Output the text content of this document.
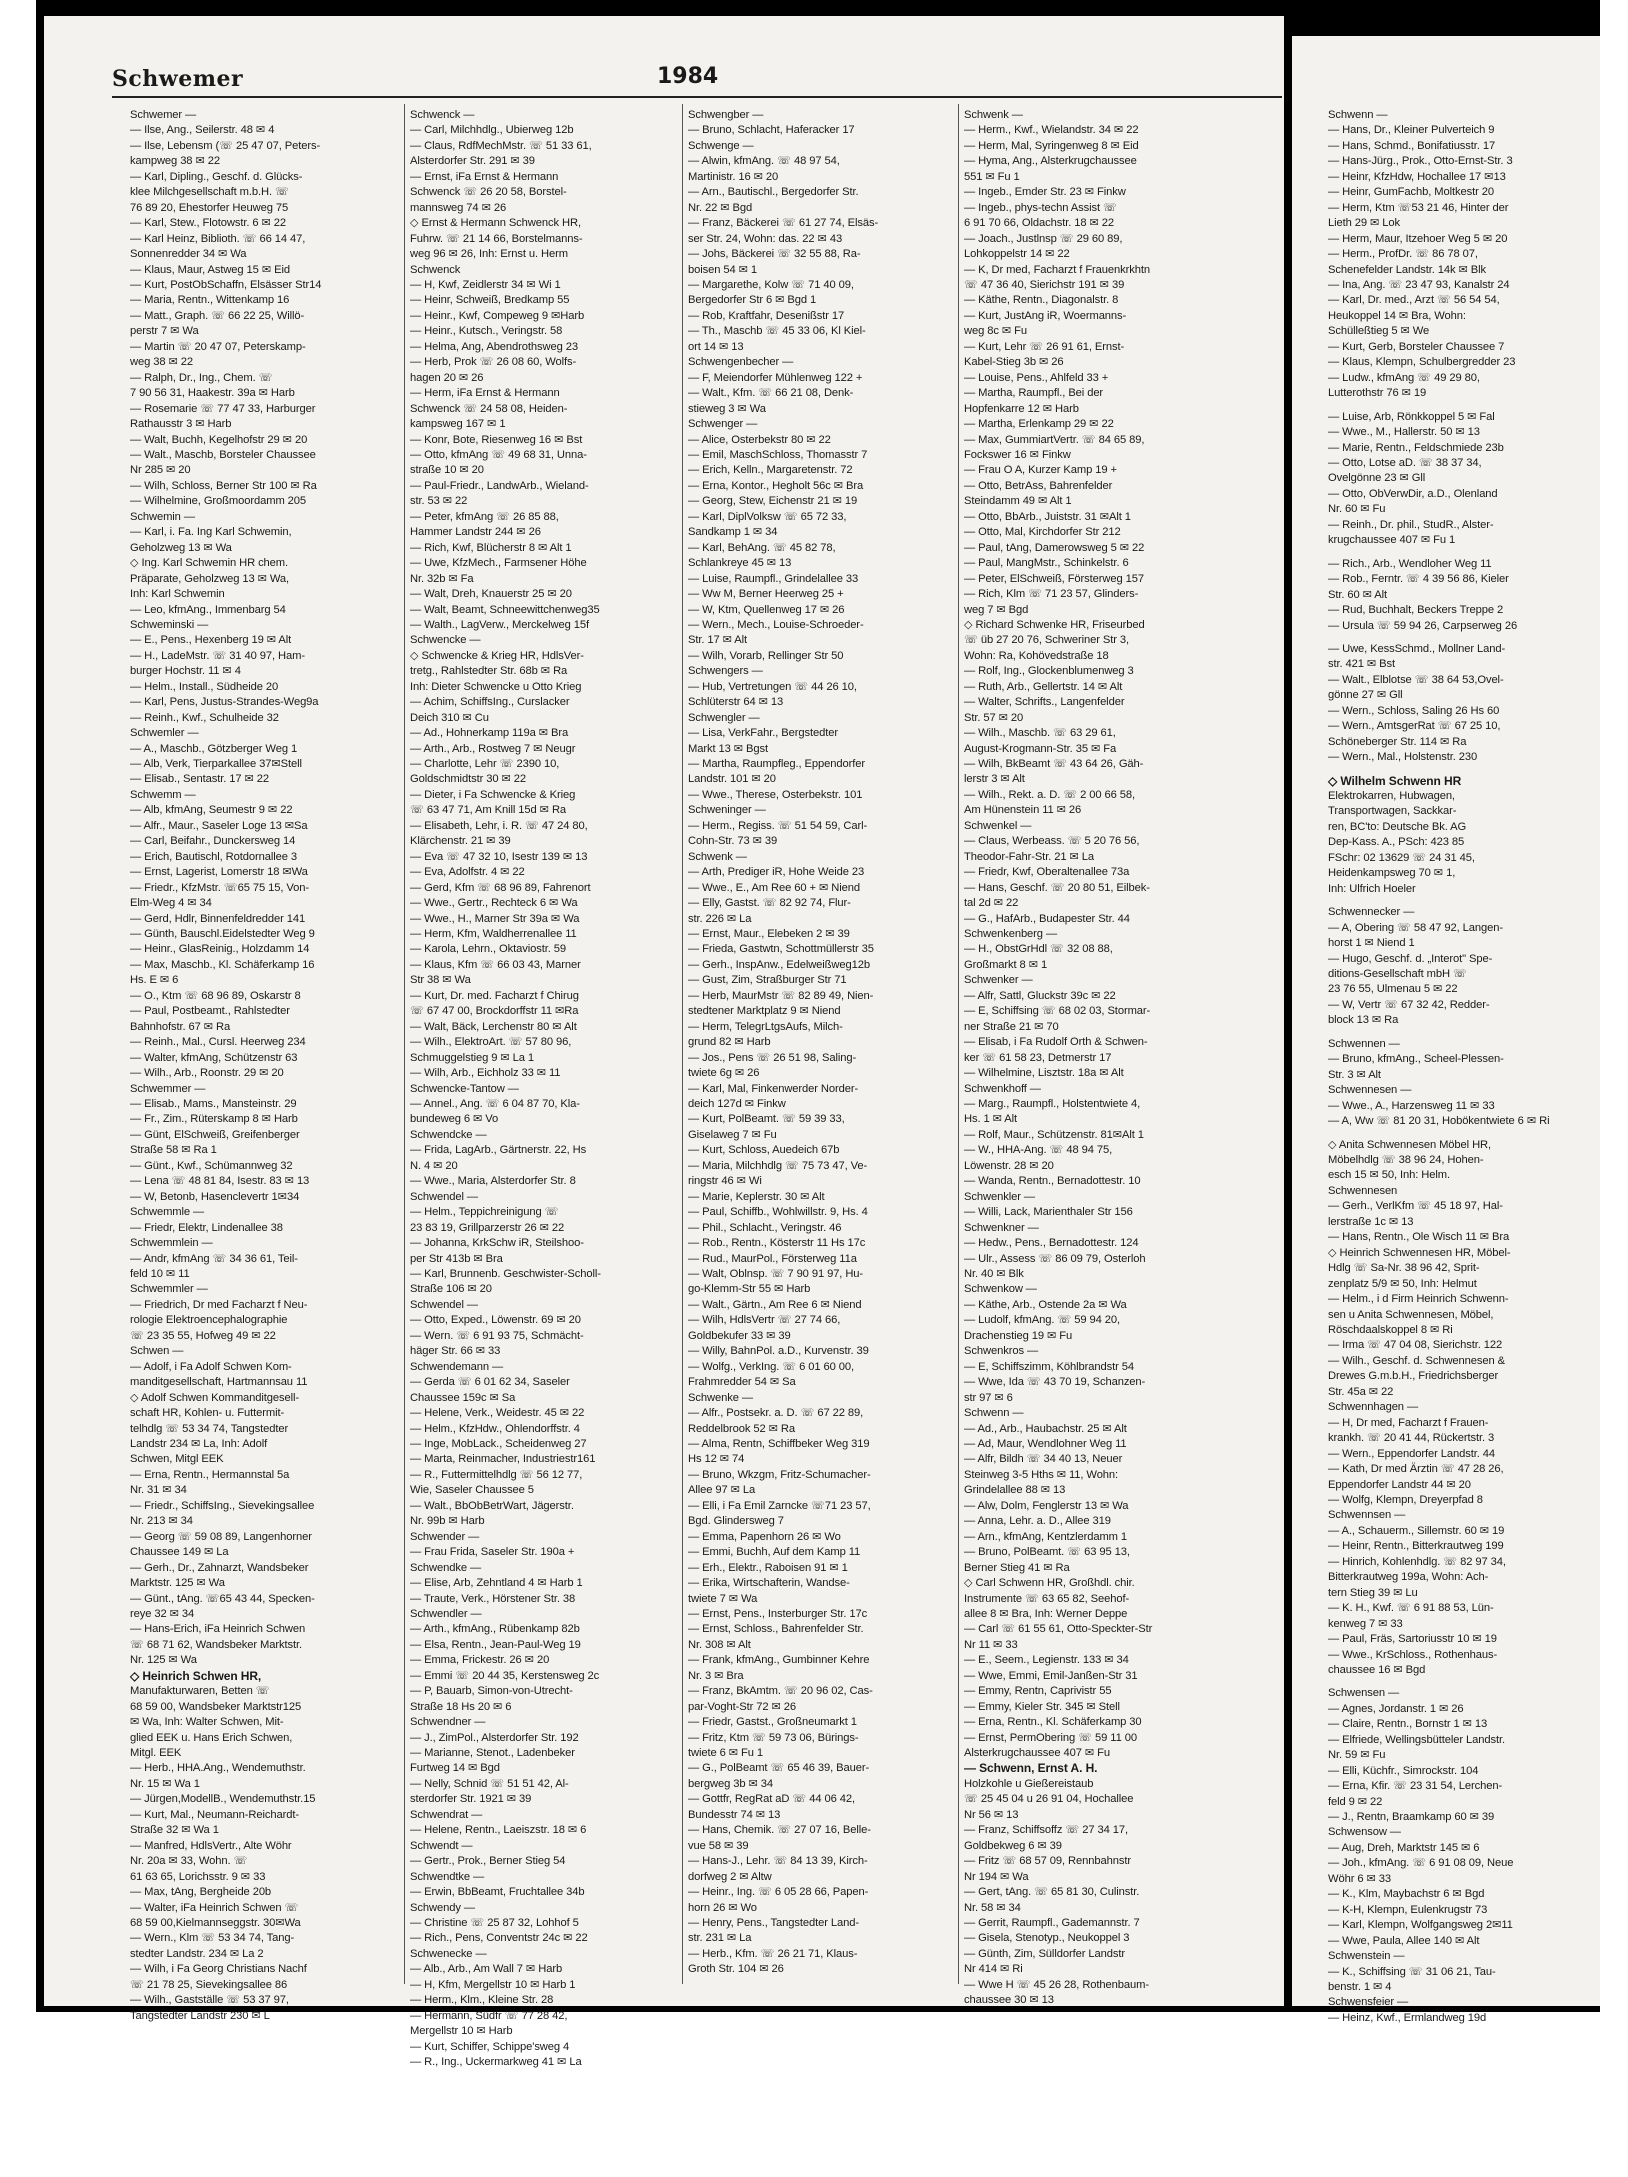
Schwenn —
— Hans, Dr., Kleiner Pulverteich 9
— Hans, Schmd., Bonifatiusstr. 17
— Hans-Jürg., Prok., Otto-Ernst-Str. 3
— Heinr, KfzHdw, Hochallee 17 ✉13
— Heinr, GumFachb, Moltkestr 20
— Herm, Ktm ☏53 21 46, Hinter der
Lieth 29 ✉ Lok
— Herm, Maur, Itzehoer Weg 5 ✉ 20
— Herm., ProfDr. ☏ 86 78 07,
Schenefelder Landstr. 14k ✉ Blk
— Ina, Ang. ☏ 23 47 93, Kanalstr 24
— Karl, Dr. med., Arzt ☏ 56 54 54,
Heukoppel 14 ✉ Bra, Wohn:
Schülleßtieg 5 ✉ We
— Kurt, Gerb, Borsteler Chaussee 7
— Klaus, Klempn, Schulbergredder 23
— Ludw., kfmAng ☏ 49 29 80,
Lutterothstr 76 ✉ 19
— Luise, Arb, Rönkkoppel 5 ✉ Fal
— Wwe., M., Hallerstr. 50 ✉ 13
— Marie, Rentn., Feldschmiede 23b
— Otto, Lotse aD. ☏ 38 37 34,
Ovelgönne 23 ✉ Gll
— Otto, ObVerwDir, a.D., Olenland
Nr. 60 ✉ Fu
— Reinh., Dr. phil., StudR., Alster-
krugchaussee 407 ✉ Fu 1
— Rich., Arb., Wendloher Weg 11
— Rob., Ferntr. ☏ 4 39 56 86, Kieler
Str. 60 ✉ Alt
— Rud, Buchhalt, Beckers Treppe 2
— Ursula ☏ 59 94 26, Carpserweg 26
— Uwe, KessSchmd., Mollner Land-
str. 421 ✉ Bst
— Walt., Elblotse ☏ 38 64 53,Ovel-
gönne 27 ✉ Gll
— Wern., Schloss, Saling 26 Hs 60
— Wern., AmtsgerRat ☏ 67 25 10,
Schöneberger Str. 114 ✉ Ra
— Wern., Mal., Holstenstr. 230
◇ Wilhelm Schwenn HR
Elektrokarren, Hubwagen,
Transportwagen, Sackkar-
ren, BC'to: Deutsche Bk. AG
Dep-Kass. A., PSch: 423 85
FSchr: 02 13629 ☏ 24 31 45,
Heidenkampsweg 70 ✉ 1,
Inh: Ulfrich Hoeler
Schwennecker —
— A, Obering ☏ 58 47 92, Langen-
horst 1 ✉ Niend 1
— Hugo, Geschf. d. „Interot" Spe-
ditions-Gesellschaft mbH ☏
23 76 55, Ulmenau 5 ✉ 22
— W, Vertr ☏ 67 32 42, Redder-
block 13 ✉ Ra
Schwennen —
— Bruno, kfmAng., Scheel-Plessen-
Str. 3 ✉ Alt
Schwennesen —
— Wwe., A., Harzensweg 11 ✉ 33
— A, Ww ☏ 81 20 31, Hobökentwiete 6 ✉ Ri
◇ Anita Schwennesen Möbel HR,
Möbelhdlg ☏ 38 96 24, Hohen-
esch 15 ✉ 50, Inh: Helm.
Schwennesen
— Gerh., VerlKfm ☏ 45 18 97, Hal-
lerstraße 1c ✉ 13
— Hans, Rentn., Ole Wisch 11 ✉ Bra
◇ Heinrich Schwennesen HR, Möbel-
Hdlg ☏ Sa-Nr. 38 96 42, Sprit-
zenplatz 5/9 ✉ 50, Inh: Helmut
— Helm., i d Firm Heinrich Schwenn-
sen u Anita Schwennesen, Möbel,
Röschdaalskoppel 8 ✉ Ri
— Irma ☏ 47 04 08, Sierichstr. 122
— Wilh., Geschf. d. Schwennesen &
Drewes G.m.b.H., Friedrichsberger
Str. 45a ✉ 22
Schwennhagen —
— H, Dr med, Facharzt f Frauen-
krankh. ☏ 20 41 44, Rückertstr. 3
— Wern., Eppendorfer Landstr. 44
— Kath, Dr med Ärztin ☏ 47 28 26,
Eppendorfer Landstr 44 ✉ 20
— Wolfg, Klempn, Dreyerpfad 8
Schwennsen —
— A., Schauerm., Sillemstr. 60 ✉ 19
— Heinr, Rentn., Bitterkrautweg 199
— Hinrich, Kohlenhdlg. ☏ 82 97 34,
Bitterkrautweg 199a, Wohn: Ach-
tern Stieg 39 ✉ Lu
— K. H., Kwf. ☏ 6 91 88 53, Lün-
kenweg 7 ✉ 33
— Paul, Fräs, Sartoriusstr 10 ✉ 19
— Wwe., KrSchloss., Rothenhaus-
chaussee 16 ✉ Bgd
Schwensen —
— Agnes, Jordanstr. 1 ✉ 26
— Claire, Rentn., Bornstr 1 ✉ 13
— Elfriede, Wellingsbütteler Landstr.
Nr. 59 ✉ Fu
— Elli, Küchfr., Simrockstr. 104
— Erna, Kfir. ☏ 23 31 54, Lerchen-
feld 9 ✉ 22
— J., Rentn, Braamkamp 60 ✉ 39
Schwensow —
— Aug, Dreh, Marktstr 145 ✉ 6
— Joh., kfmAng. ☏ 6 91 08 09, Neue
Wöhr 6 ✉ 33
— K., Klm, Maybachstr 6 ✉ Bgd
— K-H, Klempn, Eulenkrugstr 73
— Karl, Klempn, Wolfgangsweg 2✉11
— Wwe, Paula, Allee 140 ✉ Alt
Schwenstein —
— K., Schiffsing ☏ 31 06 21, Tau-
benstr. 1 ✉ 4
Schwensfeier —
— Heinz, Kwf., Ermlandweg 19d
Schwemer	1984
Schwemer —
— Ilse, Ang., Seilerstr. 48 ✉ 4
— Ilse, Lebensm (☏ 25 47 07, Peters-
kampweg 38 ✉ 22
— Karl, Dipling., Geschf. d. Glücks-
klee Milchgesellschaft m.b.H. ☏
76 89 20, Ehestorfer Heuweg 75
— Karl, Stew., Flotowstr. 6 ✉ 22
— Karl Heinz, Biblioth. ☏ 66 14 47,
Sonnenredder 34 ✉ Wa
— Klaus, Maur, Astweg 15 ✉ Eid
— Kurt, PostObSchaffn, Elsässer Str14
— Maria, Rentn., Wittenkamp 16
— Matt., Graph. ☏ 66 22 25, Willö-
perstr 7 ✉ Wa
— Martin ☏ 20 47 07, Peterskamp-
weg 38 ✉ 22
— Ralph, Dr., Ing., Chem. ☏
7 90 56 31, Haakestr. 39a ✉ Harb
— Rosemarie ☏ 77 47 33, Harburger
Rathausstr 3 ✉ Harb
— Walt, Buchh, Kegelhofstr 29 ✉ 20
— Walt., Maschb, Borsteler Chaussee
Nr 285 ✉ 20
— Wilh, Schloss, Berner Str 100 ✉ Ra
— Wilhelmine, Großmoordamm 205
Schwemin —
— Karl, i. Fa. Ing Karl Schwemin,
Geholzweg 13 ✉ Wa
◇ Ing. Karl Schwemin HR chem.
Präparate, Geholzweg 13 ✉ Wa,
Inh: Karl Schwemin
— Leo, kfmAng., Immenbarg 54
Schweminski —
— E., Pens., Hexenberg 19 ✉ Alt
— H., LadeMstr. ☏ 31 40 97, Ham-
burger Hochstr. 11 ✉ 4
— Helm., Install., Südheide 20
— Karl, Pens, Justus-Strandes-Weg9a
— Reinh., Kwf., Schulheide 32
Schwemler —
— A., Maschb., Götzberger Weg 1
— Alb, Verk, Tierparkallee 37✉Stell
— Elisab., Sentastr. 17 ✉ 22
Schwemm —
— Alb, kfmAng, Seumestr 9 ✉ 22
— Alfr., Maur., Saseler Loge 13 ✉Sa
— Carl, Beifahr., Dunckersweg 14
— Erich, Bautischl, Rotdornallee 3
— Ernst, Lagerist, Lomerstr 18 ✉Wa
— Friedr., KfzMstr. ☏65 75 15, Von-
Elm-Weg 4 ✉ 34
— Gerd, Hdlr, Binnenfeldredder 141
— Günth, Bauschl.Eidelstedter Weg 9
— Heinr., GlasReinig., Holzdamm 14
— Max, Maschb., Kl. Schäferkamp 16
Hs. E ✉ 6
— O., Ktm ☏ 68 96 89, Oskarstr 8
— Paul, Postbeamt., Rahlstedter
Bahnhofstr. 67 ✉ Ra
— Reinh., Mal., Cursl. Heerweg 234
— Walter, kfmAng, Schützenstr 63
— Wilh., Arb., Roonstr. 29 ✉ 20
Schwemmer —
— Elisab., Mams., Mansteinstr. 29
— Fr., Zim., Rüterskamp 8 ✉ Harb
— Günt, ElSchweiß, Greifenberger
Straße 58 ✉ Ra 1
— Günt., Kwf., Schümannweg 32
— Lena ☏ 48 81 84, Isestr. 83 ✉ 13
— W, Betonb, Hasenclevertr 1✉34
Schwemmle —
— Friedr, Elektr, Lindenallee 38
Schwemmlein —
— Andr, kfmAng ☏ 34 36 61, Teil-
feld 10 ✉ 11
Schwemmler —
— Friedrich, Dr med Facharzt f Neu-
rologie Elektroencephalographie
☏ 23 35 55, Hofweg 49 ✉ 22
Schwen —
— Adolf, i Fa Adolf Schwen Kom-
manditgesellschaft, Hartmannsau 11
◇ Adolf Schwen Kommanditgesell-
schaft HR, Kohlen- u. Futtermit-
telhdlg ☏ 53 34 74, Tangstedter
Landstr 234 ✉ La, Inh: Adolf
Schwen, Mitgl EEK
— Erna, Rentn., Hermannstal 5a
Nr. 31 ✉ 34
— Friedr., SchiffsIng., Sievekingsallee
Nr. 213 ✉ 34
— Georg ☏ 59 08 89, Langenhorner
Chaussee 149 ✉ La
— Gerh., Dr., Zahnarzt, Wandsbeker
Marktstr. 125 ✉ Wa
— Günt., tAng. ☏65 43 44, Specken-
reye 32 ✉ 34
— Hans-Erich, iFa Heinrich Schwen
☏ 68 71 62, Wandsbeker Marktstr.
Nr. 125 ✉ Wa
◇ Heinrich Schwen HR,
Manufakturwaren, Betten ☏
68 59 00, Wandsbeker Marktstr125
✉ Wa, Inh: Walter Schwen, Mit-
glied EEK u. Hans Erich Schwen,
Mitgl. EEK
— Herb., HHA.Ang., Wendemuthstr.
Nr. 15 ✉ Wa 1
— Jürgen,ModellB., Wendemuthstr.15
— Kurt, Mal., Neumann-Reichardt-
Straße 32 ✉ Wa 1
— Manfred, HdlsVertr., Alte Wöhr
Nr. 20a ✉ 33, Wohn. ☏
61 63 65, Lorichsstr. 9 ✉ 33
— Max, tAng, Bergheide 20b
— Walter, iFa Heinrich Schwen ☏
68 59 00,Kielmannseggstr. 30✉Wa
— Wern., Klm ☏ 53 34 74, Tang-
stedter Landstr. 234 ✉ La 2
— Wilh, i Fa Georg Christians Nachf
☏ 21 78 25, Sievekingsallee 86
— Wilh., Gastställe ☏ 53 37 97,
Tangstedter Landstr 230 ✉ L
Schwenck —
— Carl, Milchhdlg., Ubierweg 12b
— Claus, RdfMechMstr. ☏ 51 33 61,
Alsterdorfer Str. 291 ✉ 39
— Ernst, iFa Ernst & Hermann
Schwenck ☏ 26 20 58, Borstel-
mannsweg 74 ✉ 26
◇ Ernst & Hermann Schwenck HR,
Fuhrw. ☏ 21 14 66, Borstelmanns-
weg 96 ✉ 26, Inh: Ernst u. Herm
Schwenck
— H, Kwf, Zeidlerstr 34 ✉ Wi 1
— Heinr, Schweiß, Bredkamp 55
— Heinr., Kwf, Compeweg 9 ✉Harb
— Heinr., Kutsch., Veringstr. 58
— Helma, Ang, Abendrothsweg 23
— Herb, Prok ☏ 26 08 60, Wolfs-
hagen 20 ✉ 26
— Herm, iFa Ernst & Hermann
Schwenck ☏ 24 58 08, Heiden-
kampsweg 167 ✉ 1
— Konr, Bote, Riesenweg 16 ✉ Bst
— Otto, kfmAng ☏ 49 68 31, Unna-
straße 10 ✉ 20
— Paul-Friedr., LandwArb., Wieland-
str. 53 ✉ 22
— Peter, kfmAng ☏ 26 85 88,
Hammer Landstr 244 ✉ 26
— Rich, Kwf, Blücherstr 8 ✉ Alt 1
— Uwe, KfzMech., Farmsener Höhe
Nr. 32b ✉ Fa
— Walt, Dreh, Knauerstr 25 ✉ 20
— Walt, Beamt, Schneewittchenweg35
— Walth., LagVerw., Merckelweg 15f
Schwencke —
◇ Schwencke & Krieg HR, HdlsVer-
tretg., Rahlstedter Str. 68b ✉ Ra
Inh: Dieter Schwencke u Otto Krieg
— Achim, SchiffsIng., Curslacker
Deich 310 ✉ Cu
— Ad., Hohnerkamp 119a ✉ Bra
— Arth., Arb., Rostweg 7 ✉ Neugr
— Charlotte, Lehr ☏ 2390 10,
Goldschmidtstr 30 ✉ 22
— Dieter, i Fa Schwencke & Krieg
☏ 63 47 71, Am Knill 15d ✉ Ra
— Elisabeth, Lehr, i. R. ☏ 47 24 80,
Klärchenstr. 21 ✉ 39
— Eva ☏ 47 32 10, Isestr 139 ✉ 13
— Eva, Adolfstr. 4 ✉ 22
— Gerd, Kfm ☏ 68 96 89, Fahrenort
— Wwe., Gertr., Rechteck 6 ✉ Wa
— Wwe., H., Marner Str 39a ✉ Wa
— Herm, Kfm, Waldherrenallee 11
— Karola, Lehrn., Oktaviostr. 59
— Klaus, Kfm ☏ 66 03 43, Marner
Str 38 ✉ Wa
— Kurt, Dr. med. Facharzt f Chirug
☏ 67 47 00, Brockdorffstr 11 ✉Ra
— Walt, Bäck, Lerchenstr 80 ✉ Alt
— Wilh., ElektroArt. ☏ 57 80 96,
Schmuggelstieg 9 ✉ La 1
— Wilh, Arb., Eichholz 33 ✉ 11
Schwencke-Tantow —
— Annel., Ang. ☏ 6 04 87 70, Kla-
bundeweg 6 ✉ Vo
Schwendcke —
— Frida, LagArb., Gärtnerstr. 22, Hs
N. 4 ✉ 20
— Wwe., Maria, Alsterdorfer Str. 8
Schwendel —
— Helm., Teppichreinigung ☏
23 83 19, Grillparzerstr 26 ✉ 22
— Johanna, KrkSchw iR, Steilshoo-
per Str 413b ✉ Bra
— Karl, Brunnenb. Geschwister-Scholl-
Straße 106 ✉ 20
Schwendel —
— Otto, Exped., Löwenstr. 69 ✉ 20
— Wern. ☏ 6 91 93 75, Schmächt-
häger Str. 66 ✉ 33
Schwendemann —
— Gerda ☏ 6 01 62 34, Saseler
Chaussee 159c ✉ Sa
— Helene, Verk., Weidestr. 45 ✉ 22
— Helm., KfzHdw., Ohlendorffstr. 4
— Inge, MobLack., Scheidenweg 27
— Marta, Reinmacher, Industriestr161
— R., Futtermittelhdlg ☏ 56 12 77,
Wie, Saseler Chaussee 5
— Walt., BbObBetrWart, Jägerstr.
Nr. 99b ✉ Harb
Schwender —
— Frau Frida, Saseler Str. 190a +
Schwendke —
— Elise, Arb, Zehntland 4 ✉ Harb 1
— Traute, Verk., Hörstener Str. 38
Schwendler —
— Arth., kfmAng., Rübenkamp 82b
— Elsa, Rentn., Jean-Paul-Weg 19
— Emma, Frickestr. 26 ✉ 20
— Emmi ☏ 20 44 35, Kerstensweg 2c
— P, Bauarb, Simon-von-Utrecht-
Straße 18 Hs 20 ✉ 6
Schwendner —
— J., ZimPol., Alsterdorfer Str. 192
— Marianne, Stenot., Ladenbeker
Furtweg 14 ✉ Bgd
— Nelly, Schnid ☏ 51 51 42, Al-
sterdorfer Str. 1921 ✉ 39
Schwendrat —
— Helene, Rentn., Laeiszstr. 18 ✉ 6
Schwendt —
— Gertr., Prok., Berner Stieg 54
Schwendtke —
— Erwin, BbBeamt, Fruchtallee 34b
Schwendy —
— Christine ☏ 25 87 32, Lohhof 5
— Rich., Pens, Conventstr 24c ✉ 22
Schwenecke —
— Alb., Arb., Am Wall 7 ✉ Harb
— H, Kfm, Mergellstr 10 ✉ Harb 1
— Herm., Klm., Kleine Str. 28
— Hermann, Südfr ☏ 77 28 42,
Mergellstr 10 ✉ Harb
— Kurt, Schiffer, Schippe'sweg 4
— R., Ing., Uckermarkweg 41 ✉ La
Schwengber —
— Bruno, Schlacht, Haferacker 17
Schwenge —
— Alwin, kfmAng. ☏ 48 97 54,
Martinistr. 16 ✉ 20
— Arn., Bautischl., Bergedorfer Str.
Nr. 22 ✉ Bgd
— Franz, Bäckerei ☏ 61 27 74, Elsäs-
ser Str. 24, Wohn: das. 22 ✉ 43
— Johs, Bäckerei ☏ 32 55 88, Ra-
boisen 54 ✉ 1
— Margarethe, Kolw ☏ 71 40 09,
Bergedorfer Str 6 ✉ Bgd 1
— Rob, Kraftfahr, Desenißstr 17
— Th., Maschb ☏ 45 33 06, Kl Kiel-
ort 14 ✉ 13
Schwengenbecher —
— F, Meiendorfer Mühlenweg 122 +
— Walt., Kfm. ☏ 66 21 08, Denk-
stieweg 3 ✉ Wa
Schwenger —
— Alice, Osterbekstr 80 ✉ 22
— Emil, MaschSchloss, Thomasstr 7
— Erich, Kelln., Margaretenstr. 72
— Erna, Kontor., Hegholt 56c ✉ Bra
— Georg, Stew, Eichenstr 21 ✉ 19
— Karl, DiplVolksw ☏ 65 72 33,
Sandkamp 1 ✉ 34
— Karl, BehAng. ☏ 45 82 78,
Schlankreye 45 ✉ 13
— Luise, Raumpfl., Grindelallee 33
— Ww M, Berner Heerweg 25 +
— W, Ktm, Quellenweg 17 ✉ 26
— Wern., Mech., Louise-Schroeder-
Str. 17 ✉ Alt
— Wilh, Vorarb, Rellinger Str 50
Schwengers —
— Hub, Vertretungen ☏ 44 26 10,
Schlüterstr 64 ✉ 13
Schwengler —
— Lisa, VerkFahr., Bergstedter
Markt 13 ✉ Bgst
— Martha, Raumpfleg., Eppendorfer
Landstr. 101 ✉ 20
— Wwe., Therese, Osterbekstr. 101
Schweninger —
— Herm., Regiss. ☏ 51 54 59, Carl-
Cohn-Str. 73 ✉ 39
Schwenk —
— Arth, Prediger iR, Hohe Weide 23
— Wwe., E., Am Ree 60 + ✉ Niend
— Elly, Gastst. ☏ 82 92 74, Flur-
str. 226 ✉ La
— Ernst, Maur., Elebeken 2 ✉ 39
— Frieda, Gastwtn, Schottmüllerstr 35
— Gerh., InspAnw., Edelweißweg12b
— Gust, Zim, Straßburger Str 71
— Herb, MaurMstr ☏ 82 89 49, Nien-
stedtener Marktplatz 9 ✉ Niend
— Herm, TelegrLtgsAufs, Milch-
grund 82 ✉ Harb
— Jos., Pens ☏ 26 51 98, Saling-
twiete 6g ✉ 26
— Karl, Mal, Finkenwerder Norder-
deich 127d ✉ Finkw
— Kurt, PolBeamt. ☏ 59 39 33,
Giselaweg 7 ✉ Fu
— Kurt, Schloss, Auedeich 67b
— Maria, Milchhdlg ☏ 75 73 47, Ve-
ringstr 46 ✉ Wi
— Marie, Keplerstr. 30 ✉ Alt
— Paul, Schiffb., Wohlwillstr. 9, Hs. 4
— Phil., Schlacht., Veringstr. 46
— Rob., Rentn., Kösterstr 11 Hs 17c
— Rud., MaurPol., Försterweg 11a
— Walt, Oblnsp. ☏ 7 90 91 97, Hu-
go-Klemm-Str 55 ✉ Harb
— Walt., Gärtn., Am Ree 6 ✉ Niend
— Wilh, HdlsVertr ☏ 27 74 66,
Goldbekufer 33 ✉ 39
— Willy, BahnPol. a.D., Kurvenstr. 39
— Wolfg., VerkIng. ☏ 6 01 60 00,
Frahmredder 54 ✉ Sa
Schwenke —
— Alfr., Postsekr. a. D. ☏ 67 22 89,
Reddelbrook 52 ✉ Ra
— Alma, Rentn, Schiffbeker Weg 319
Hs 12 ✉ 74
— Bruno, Wkzgm, Fritz-Schumacher-
Allee 97 ✉ La
— Elli, i Fa Emil Zarncke ☏71 23 57,
Bgd. Glindersweg 7
— Emma, Papenhorn 26 ✉ Wo
— Emmi, Buchh, Auf dem Kamp 11
— Erh., Elektr., Raboisen 91 ✉ 1
— Erika, Wirtschafterin, Wandse-
twiete 7 ✉ Wa
— Ernst, Pens., Insterburger Str. 17c
— Ernst, Schloss., Bahrenfelder Str.
Nr. 308 ✉ Alt
— Frank, kfmAng., Gumbinner Kehre
Nr. 3 ✉ Bra
— Franz, BkAmtm. ☏ 20 96 02, Cas-
par-Voght-Str 72 ✉ 26
— Friedr, Gastst., Großneumarkt 1
— Fritz, Ktm ☏ 59 73 06, Bürings-
twiete 6 ✉ Fu 1
— G., PolBeamt ☏ 65 46 39, Bauer-
bergweg 3b ✉ 34
— Gottfr, RegRat aD ☏ 44 06 42,
Bundesstr 74 ✉ 13
— Hans, Chemik. ☏ 27 07 16, Belle-
vue 58 ✉ 39
— Hans-J., Lehr. ☏ 84 13 39, Kirch-
dorfweg 2 ✉ Altw
— Heinr., Ing. ☏ 6 05 28 66, Papen-
horn 26 ✉ Wo
— Henry, Pens., Tangstedter Land-
str. 231 ✉ La
— Herb., Kfm. ☏ 26 21 71, Klaus-
Groth Str. 104 ✉ 26
Schwenk —
— Herm., Kwf., Wielandstr. 34 ✉ 22
— Herm, Mal, Syringenweg 8 ✉ Eid
— Hyma, Ang., Alsterkrugchaussee
551 ✉ Fu 1
— Ingeb., Emder Str. 23 ✉ Finkw
— Ingeb., phys-techn Assist ☏
6 91 70 66, Oldachstr. 18 ✉ 22
— Joach., Justlnsp ☏ 29 60 89,
Lohkoppelstr 14 ✉ 22
— K, Dr med, Facharzt f Frauenkrkhtn
☏ 47 36 40, Sierichstr 191 ✉ 39
— Käthe, Rentn., Diagonalstr. 8
— Kurt, JustAng iR, Woermanns-
weg 8c ✉ Fu
— Kurt, Lehr ☏ 26 91 61, Ernst-
Kabel-Stieg 3b ✉ 26
— Louise, Pens., Ahlfeld 33 +
— Martha, Raumpfl., Bei der
Hopfenkarre 12 ✉ Harb
— Martha, Erlenkamp 29 ✉ 22
— Max, GummiartVertr. ☏ 84 65 89,
Fockswег 16 ✉ Finkw
— Frau O A, Kurzer Kamp 19 +
— Otto, BetrAss, Bahrenfelder
Steindamm 49 ✉ Alt 1
— Otto, BbArb., Juiststr. 31 ✉Alt 1
— Otto, Mal, Kirchdorfer Str 212
— Paul, tAng, Damerowsweg 5 ✉ 22
— Paul, MangMstr., Schinkelstr. 6
— Peter, ElSchweiß, Försterweg 157
— Rich, Klm ☏ 71 23 57, Glinders-
weg 7 ✉ Bgd
◇ Richard Schwenke HR, Friseurbed
☏ üb 27 20 76, Schweriner Str 3,
Wohn: Ra, Kohövedstraße 18
— Rolf, Ing., Glockenblumenweg 3
— Ruth, Arb., Gellertstr. 14 ✉ Alt
— Walter, Schrifts., Langenfelder
Str. 57 ✉ 20
— Wilh., Maschb. ☏ 63 29 61,
August-Krogmann-Str. 35 ✉ Fa
— Wilh, BkBeamt ☏ 43 64 26, Gäh-
lerstr 3 ✉ Alt
— Wilh., Rekt. a. D. ☏ 2 00 66 58,
Am Hünenstein 11 ✉ 26
Schwenkel —
— Claus, Werbeass. ☏ 5 20 76 56,
Theodor-Fahr-Str. 21 ✉ La
— Friedr, Kwf, Oberaltenallee 73a
— Hans, Geschf. ☏ 20 80 51, Eilbek-
tal 2d ✉ 22
— G., HafArb., Budapester Str. 44
Schwenkenberg —
— H., ObstGrHdl ☏ 32 08 88,
Großmarkt 8 ✉ 1
Schwenker —
— Alfr, Sattl, Gluckstr 39c ✉ 22
— E, Schiffsing ☏ 68 02 03, Stormar-
ner Straße 21 ✉ 70
— Elisab, i Fa Rudolf Orth & Schwen-
ker ☏ 61 58 23, Detmerstr 17
— Wilhelmine, Lisztstr. 18a ✉ Alt
Schwenkhoff —
— Marg., Raumpfl., Holstentwiete 4,
Hs. 1 ✉ Alt
— Rolf, Maur., Schützenstr. 81✉Alt 1
— W., HHA-Ang. ☏ 48 94 75,
Löwenstr. 28 ✉ 20
— Wanda, Rentn., Bernadottestr. 10
Schwenkler —
— Willi, Lack, Marienthaler Str 156
Schwenkner —
— Hedw., Pens., Bernadottestr. 124
— Ulr., Assess ☏ 86 09 79, Osterloh
Nr. 40 ✉ Blk
Schwenkow —
— Käthe, Arb., Ostende 2a ✉ Wa
— Ludolf, kfmAng. ☏ 59 94 20,
Drachenstieg 19 ✉ Fu
Schwenkros —
— E, Schiffszimm, Köhlbrandstr 54
— Wwe, Ida ☏ 43 70 19, Schanzen-
str 97 ✉ 6
Schwenn —
— Ad., Arb., Haubachstr. 25 ✉ Alt
— Ad, Maur, Wendlohner Weg 11
— Alfr, Bildh ☏ 34 40 13, Neuer
Steinweg 3-5 Hths ✉ 11, Wohn:
Grindelallee 88 ✉ 13
— Alw, Dolm, Fenglerstr 13 ✉ Wa
— Anna, Lehr. a. D., Allee 319
— Arn., kfmAng, Kentzlerdamm 1
— Bruno, PolBeamt. ☏ 63 95 13,
Berner Stieg 41 ✉ Ra
◇ Carl Schwenn HR, Großhdl. chir.
Instrumente ☏ 63 65 82, Seehof-
allee 8 ✉ Bra, Inh: Werner Deppe
— Carl ☏ 61 55 61, Otto-Speckter-Str
Nr 11 ✉ 33
— E., Seem., Legienstr. 133 ✉ 34
— Wwe, Emmi, Emil-Janßen-Str 31
— Emmy, Rentn, Caprivistr 55
— Emmy, Kieler Str. 345 ✉ Stell
— Erna, Rentn., Kl. Schäferkamp 30
— Ernst, PermObering ☏ 59 11 00
Alsterkrugchaussee 407 ✉ Fu
— Schwenn, Ernst A. H.
Holzkohle u Gießereistaub
☏ 25 45 04 u 26 91 04, Hochallee
Nr 56 ✉ 13
— Franz, Schiffsoffz ☏ 27 34 17,
Goldbekweg 6 ✉ 39
— Fritz ☏ 68 57 09, Rennbahnstr
Nr 194 ✉ Wa
— Gert, tAng. ☏ 65 81 30, Culinstr.
Nr. 58 ✉ 34
— Gerrit, Raumpfl., Gademannstr. 7
— Gisela, Stenotyp., Neukoppel 3
— Günth, Zim, Sülldorfer Landstr
Nr 414 ✉ Ri
— Wwe H ☏ 45 26 28, Rothenbaum-
chaussee 30 ✉ 13
